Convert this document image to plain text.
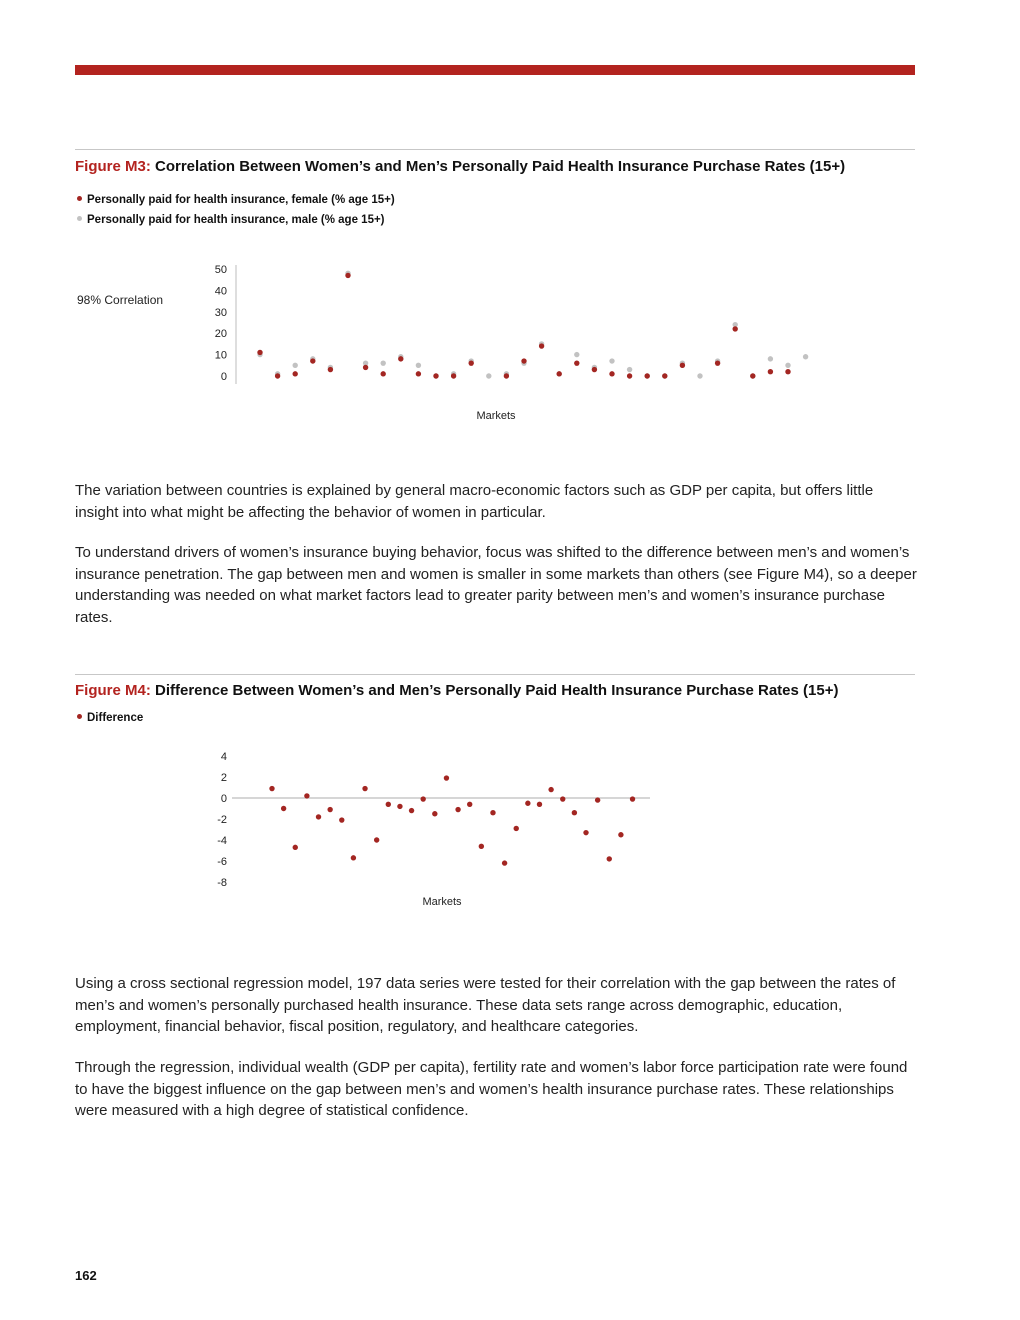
Figure M3: Correlation Between Women’s and Men’s Personally Paid Health Insurance Purchase Rates (15+)
Personally paid for health insurance, female (% age 15+)
Personally paid for health insurance, male (% age 15+)
98% Correlation
0
10
20
30
40
50
Markets

The variation between countries is explained by general macro-economic factors such as GDP per capita, but offers little insight into what might be affecting the behavior of women in particular.

To understand drivers of women’s insurance buying behavior, focus was shifted to the difference between men’s and women’s insurance penetration. The gap between men and women is smaller in some markets than others (see Figure M4), so a deeper understanding was needed on what market factors lead to greater parity between men’s and women’s insurance purchase rates.

Figure M4: Difference Between Women’s and Men’s Personally Paid Health Insurance Purchase Rates (15+)
Difference
-8
-6
-4
-2
0
2
4
Markets

Using a cross sectional regression model, 197 data series were tested for their correlation with the gap between the rates of men’s and women’s personally purchased health insurance. These data sets range across demographic, education, employment, financial behavior, fiscal position, regulatory, and healthcare categories.

Through the regression, individual wealth (GDP per capita), fertility rate and women’s labor force participation rate were found to have the biggest influence on the gap between men’s and women’s health insurance purchase rates. These relationships were measured with a high degree of statistical confidence.

162
